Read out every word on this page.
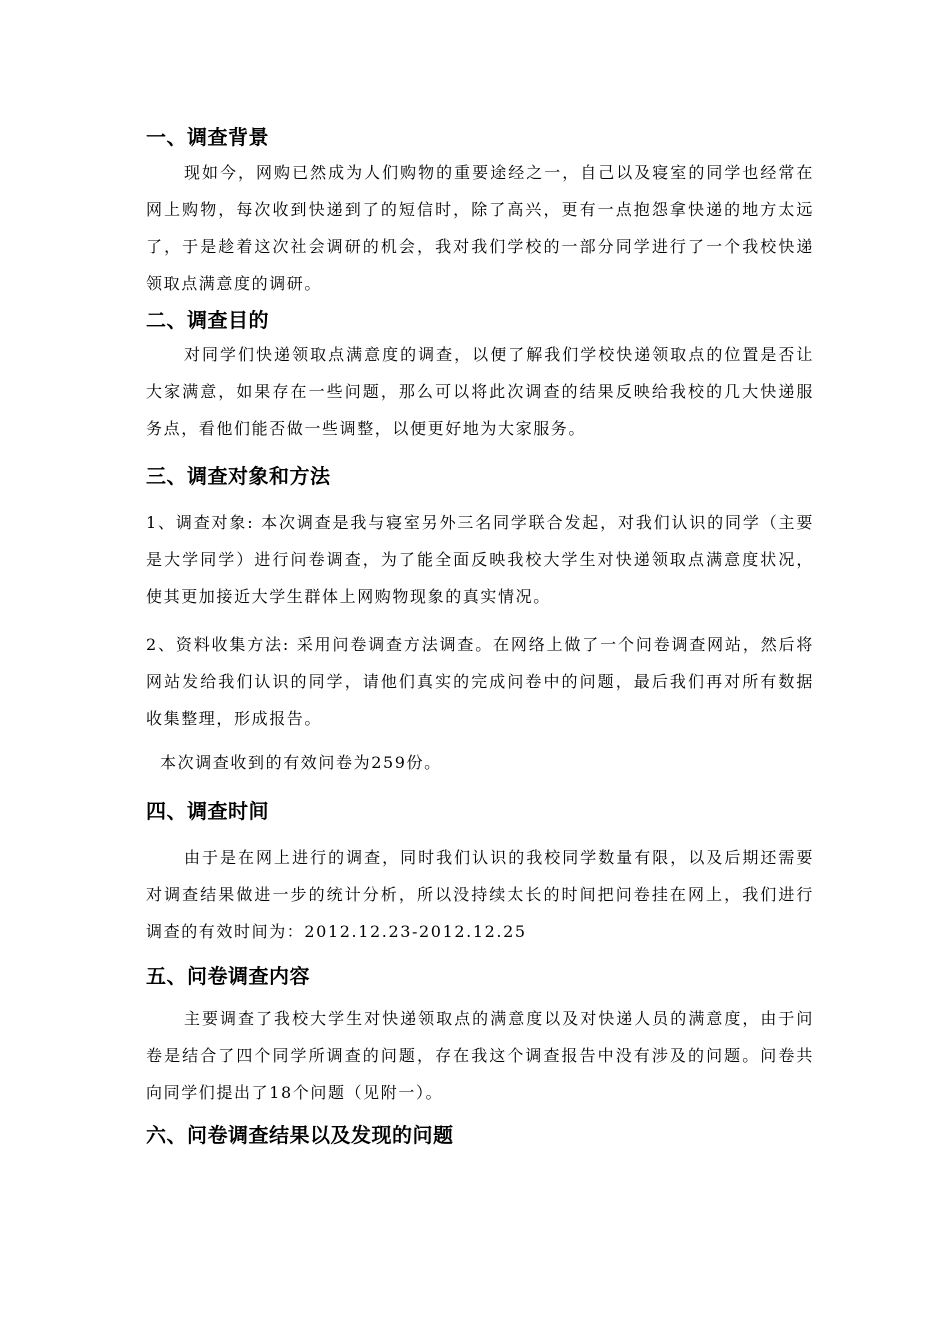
一、调查背景

现如今，网购已然成为人们购物的重要途经之一，自己以及寝室的同学也经常在网上购物，每次收到快递到了的短信时，除了高兴，更有一点抱怨拿快递的地方太远了，于是趁着这次社会调研的机会，我对我们学校的一部分同学进行了一个我校快递领取点满意度的调研。

二、调查目的

对同学们快递领取点满意度的调查，以便了解我们学校快递领取点的位置是否让大家满意，如果存在一些问题，那么可以将此次调查的结果反映给我校的几大快递服务点，看他们能否做一些调整，以便更好地为大家服务。

三、调查对象和方法

1、调查对象: 本次调查是我与寝室另外三名同学联合发起，对我们认识的同学（主要是大学同学）进行问卷调查，为了能全面反映我校大学生对快递领取点满意度状况，使其更加接近大学生群体上网购物现象的真实情况。

2、资料收集方法: 采用问卷调查方法调查。在网络上做了一个问卷调查网站，然后将网站发给我们认识的同学，请他们真实的完成问卷中的问题，最后我们再对所有数据收集整理，形成报告。

本次调查收到的有效问卷为259份。

四、调查时间

由于是在网上进行的调查，同时我们认识的我校同学数量有限，以及后期还需要对调查结果做进一步的统计分析，所以没持续太长的时间把问卷挂在网上，我们进行调查的有效时间为：2012.12.23-2012.12.25

五、问卷调查内容

主要调查了我校大学生对快递领取点的满意度以及对快递人员的满意度，由于问卷是结合了四个同学所调查的问题，存在我这个调查报告中没有涉及的问题。问卷共向同学们提出了18个问题（见附一）。

六、问卷调查结果以及发现的问题
